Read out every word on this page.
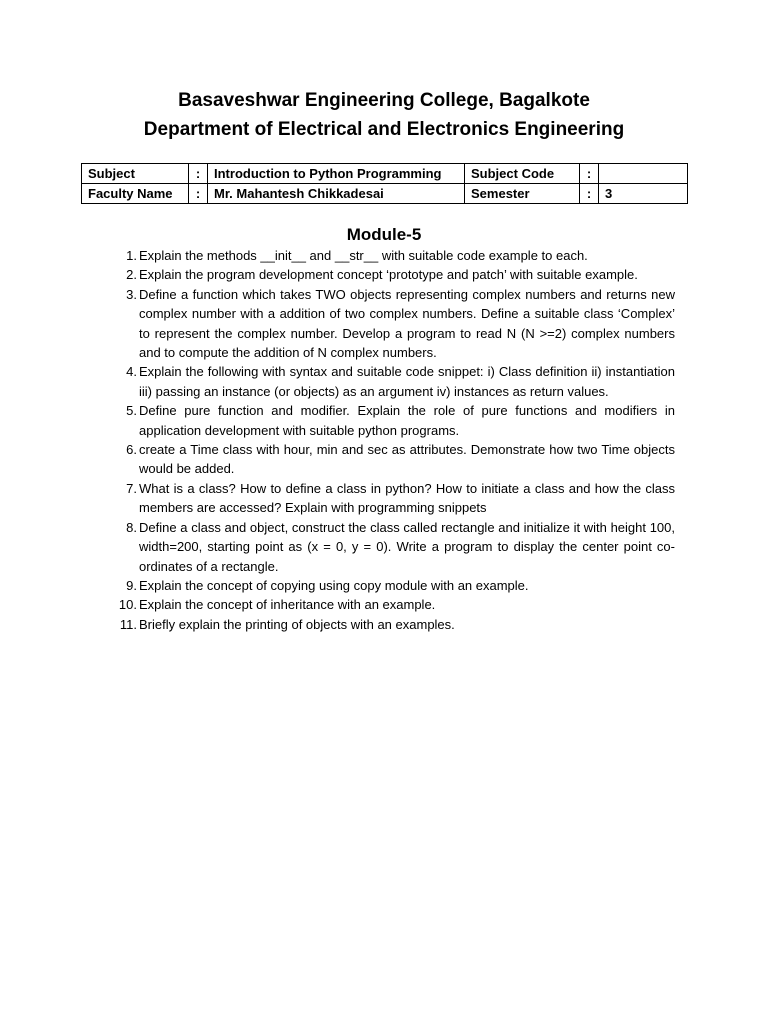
Basaveshwar Engineering College, Bagalkote
Department of Electrical and Electronics Engineering
Subject	:	Introduction to Python Programming	Subject Code	:	
Faculty Name	:	Mr. Mahantesh Chikkadesai	Semester	:	3
Module-5
1. Explain the methods __init__ and __str__ with suitable code example to each.
2. Explain the program development concept ‘prototype and patch’ with suitable example.
3. Define a function which takes TWO objects representing complex numbers and returns new complex number with a addition of two complex numbers. Define a suitable class ‘Complex’ to represent the complex number. Develop a program to read N (N >=2) complex numbers and to compute the addition of N complex numbers.
4. Explain the following with syntax and suitable code snippet: i) Class definition ii) instantiation iii) passing an instance (or objects) as an argument iv) instances as return values.
5. Define pure function and modifier. Explain the role of pure functions and modifiers in application development with suitable python programs.
6. create a Time class with hour, min and sec as attributes. Demonstrate how two Time objects would be added.
7. What is a class? How to define a class in python? How to initiate a class and how the class members are accessed? Explain with programming snippets
8. Define a class and object, construct the class called rectangle and initialize it with height 100, width=200, starting point as (x = 0, y = 0). Write a program to display the center point co-ordinates of a rectangle.
9. Explain the concept of copying using copy module with an example.
10. Explain the concept of inheritance with an example.
11. Briefly explain the printing of objects with an examples.
